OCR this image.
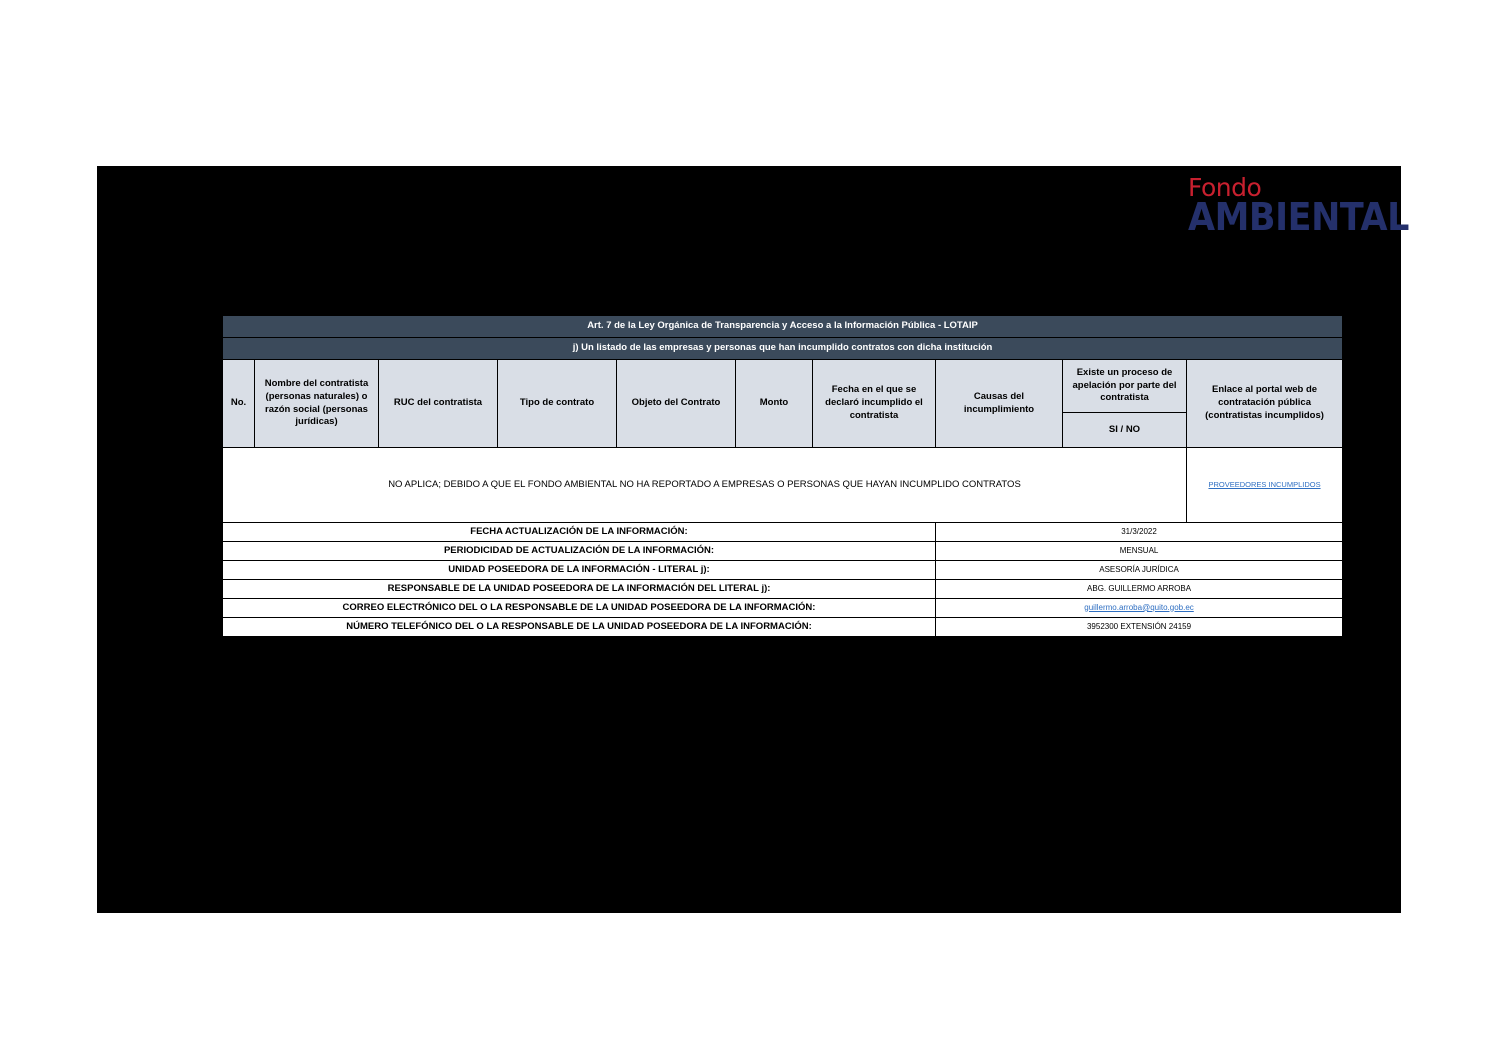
Fondo
AMBIENTAL
Art. 7 de la Ley Orgánica de Transparencia y Acceso a la Información Pública - LOTAIP									
j) Un listado de las empresas y personas que han incumplido contratos con dicha institución									
No.	Nombre del contratista (personas naturales) o razón social (personas jurídicas)	RUC del contratista	Tipo de contrato	Objeto del Contrato	Monto	Fecha en el que se declaró incumplido el contratista	Causas del incumplimiento	Existe un proceso de apelación por parte del contratista	Enlace al portal web de contratación pública (contratistas incumplidos)
								SI / NO	
NO APLICA; DEBIDO A QUE EL FONDO AMBIENTAL NO HA REPORTADO A EMPRESAS O PERSONAS QUE HAYAN INCUMPLIDO CONTRATOS									PROVEEDORES INCUMPLIDOS
FECHA ACTUALIZACIÓN DE LA INFORMACIÓN:							31/3/2022		
PERIODICIDAD DE ACTUALIZACIÓN DE LA INFORMACIÓN:							MENSUAL		
UNIDAD POSEEDORA DE LA INFORMACIÓN - LITERAL j):							ASESORÍA JURÍDICA		
RESPONSABLE DE LA UNIDAD POSEEDORA DE LA INFORMACIÓN DEL LITERAL j):							ABG. GUILLERMO ARROBA		
CORREO ELECTRÓNICO DEL O LA RESPONSABLE DE LA UNIDAD POSEEDORA DE LA INFORMACIÓN:							guillermo.arroba@quito.gob.ec		
NÚMERO TELEFÓNICO DEL O LA RESPONSABLE DE LA UNIDAD POSEEDORA DE LA INFORMACIÓN:							3952300 EXTENSIÓN 24159		
